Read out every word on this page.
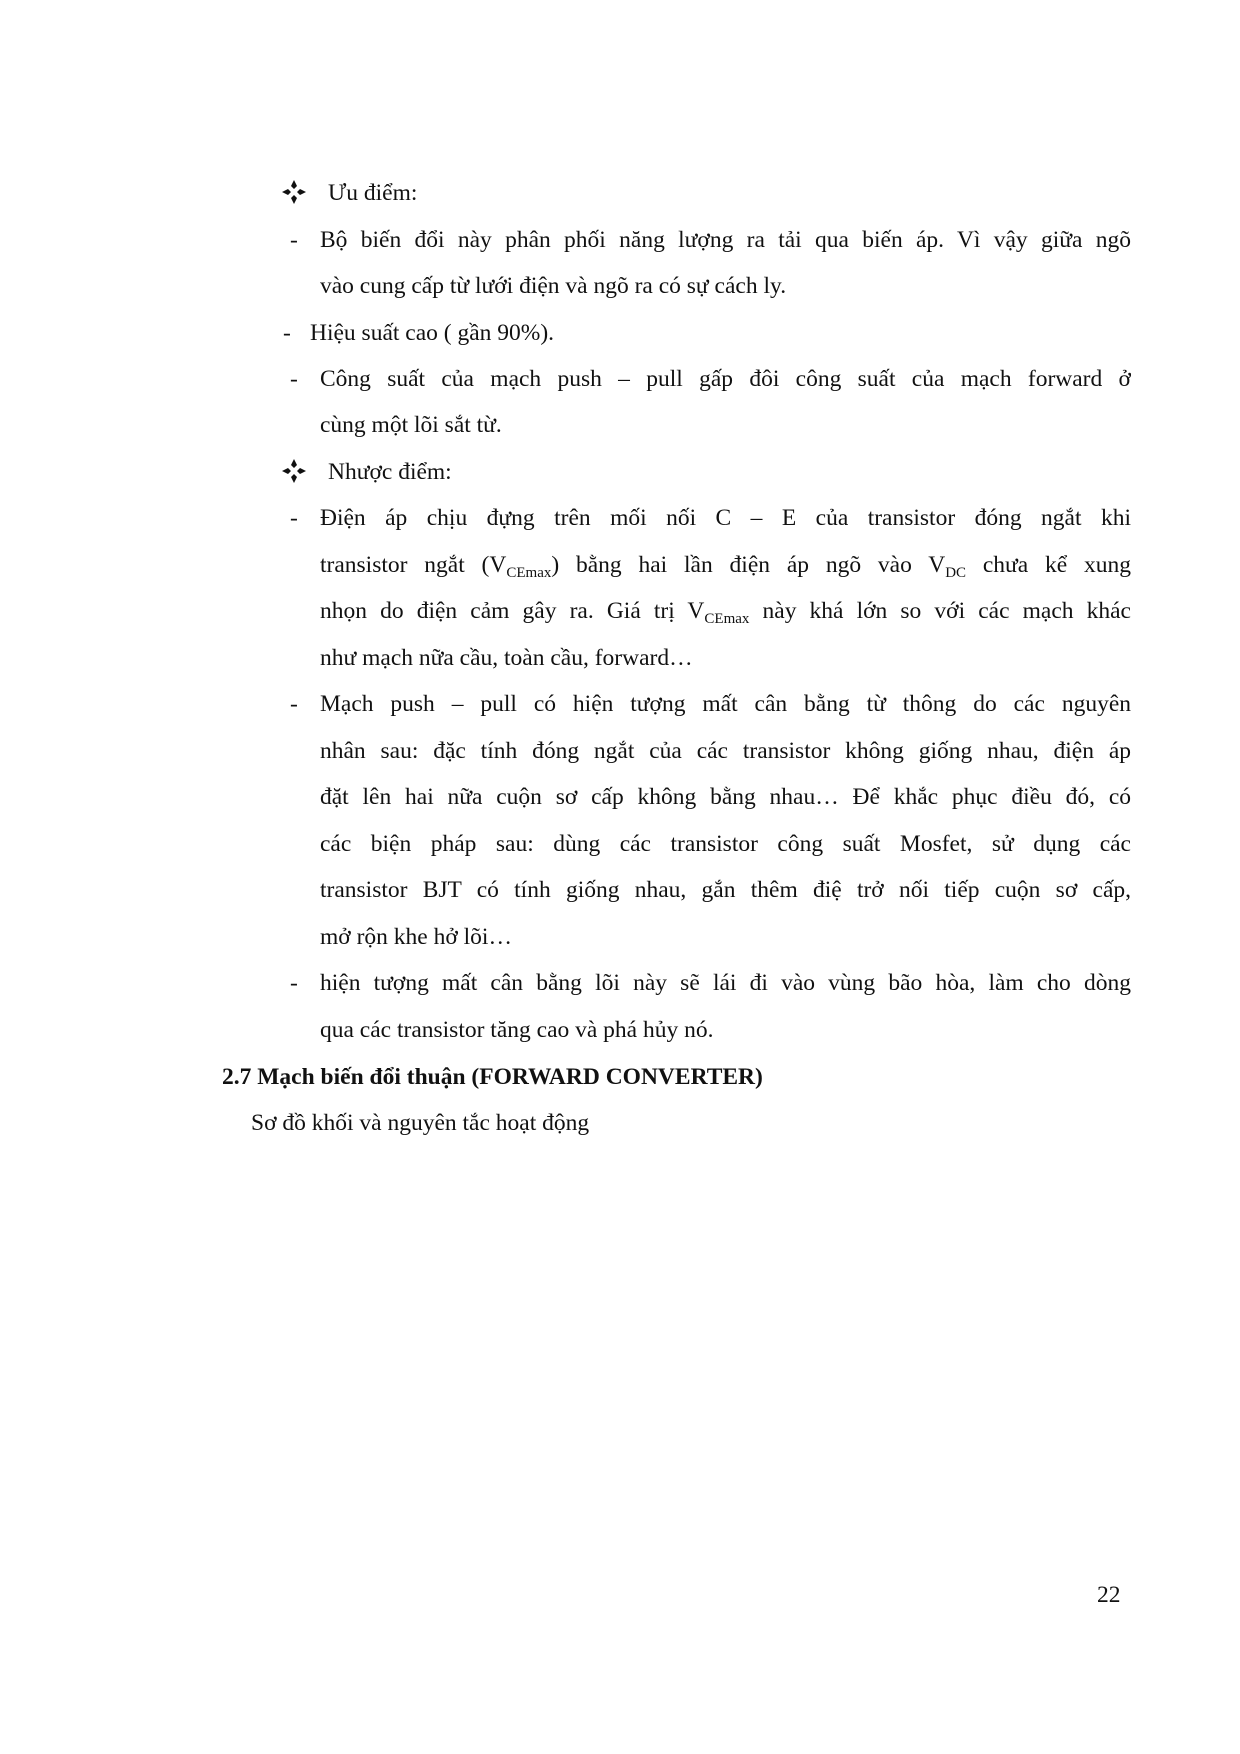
Ưu điểm:
- Bộ biến đổi này phân phối năng lượng ra tải qua biến áp. Vì vậy giữa ngõ
vào cung cấp từ lưới điện và ngõ ra có sự cách ly.
- Hiệu suất cao ( gần 90%).
- Công suất của mạch push – pull gấp đôi công suất của mạch forward ở
cùng một lõi sắt từ.
Nhược điểm:
- Điện áp chịu đựng trên mối nối C – E của transistor đóng ngắt khi
transistor ngắt $(V_{CEmax})$ bằng hai lần điện áp ngõ vào $V_{DC}$ chưa kể xung
nhọn do điện cảm gây ra. Giá trị $V_{CEmax}$ này khá lớn so với các mạch khác
như mạch nữa cầu, toàn cầu, forward…
- Mạch push – pull có hiện tượng mất cân bằng từ thông do các nguyên
nhân sau: đặc tính đóng ngắt của các transistor không giống nhau, điện áp
đặt lên hai nữa cuộn sơ cấp không bằng nhau… Để khắc phục điều đó, có
các biện pháp sau: dùng các transistor công suất Mosfet, sử dụng các
transistor BJT có tính giống nhau, gắn thêm điệ trở nối tiếp cuộn sơ cấp,
mở rộn khe hở lõi…
- hiện tượng mất cân bằng lõi này sẽ lái đi vào vùng bão hòa, làm cho dòng
qua các transistor tăng cao và phá hủy nó.
2.7 Mạch biến đổi thuận (FORWARD CONVERTER)
Sơ đồ khối và nguyên tắc hoạt động
22
